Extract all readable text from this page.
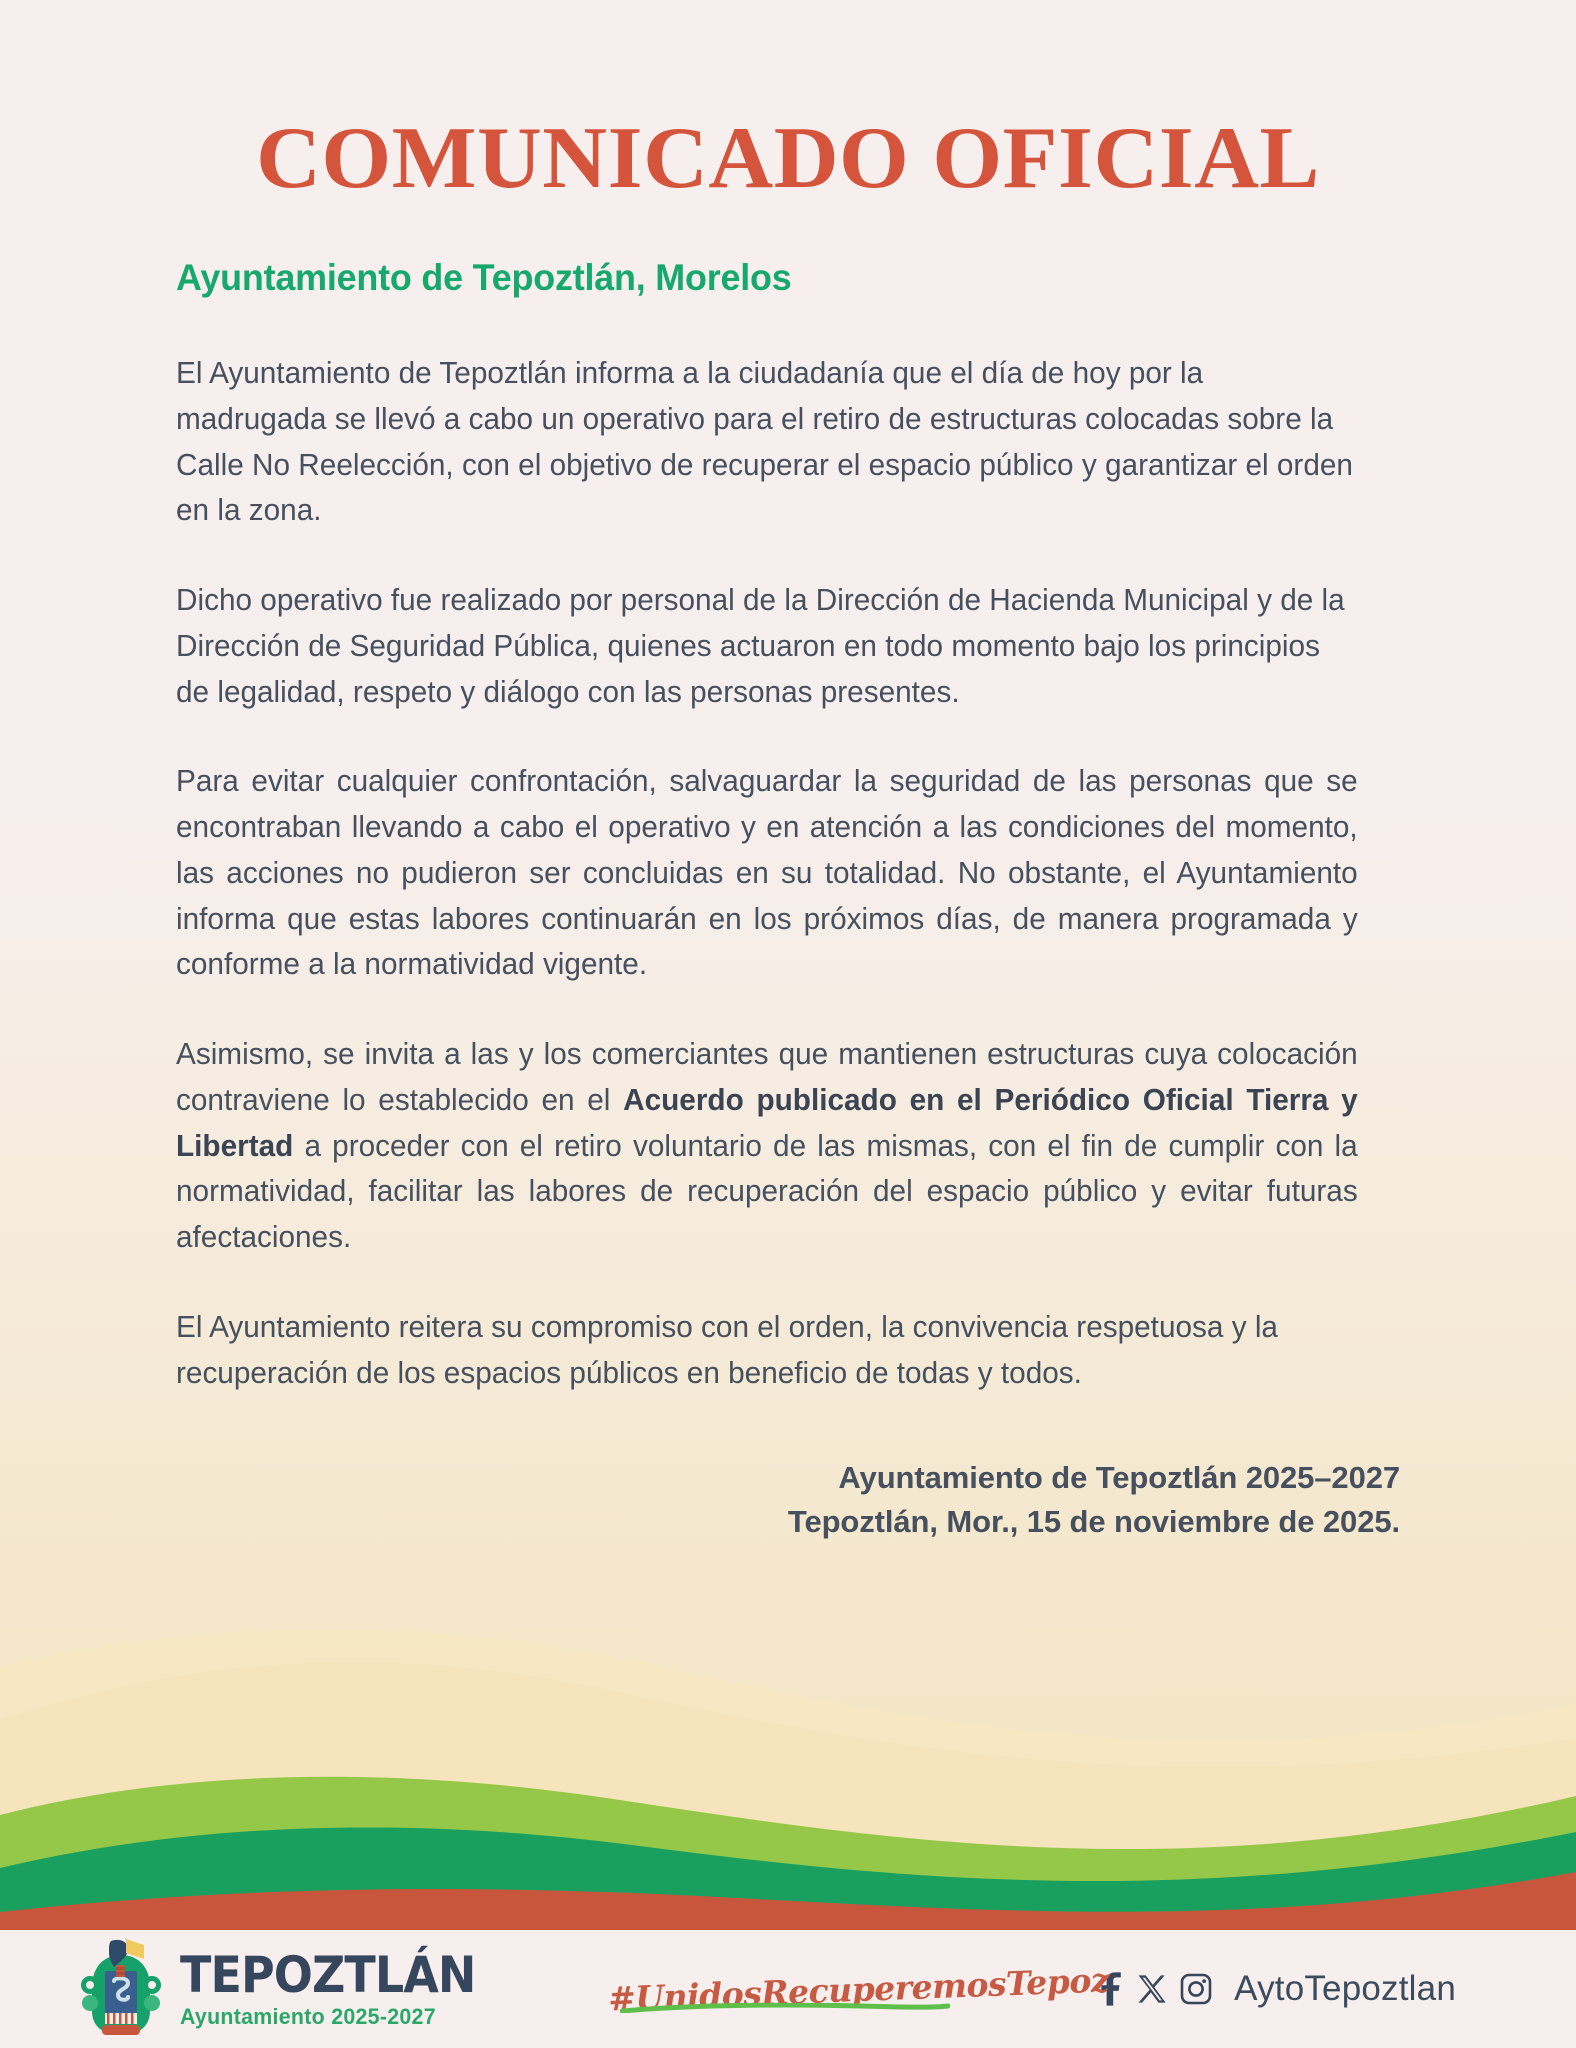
COMUNICADO OFICIAL
Ayuntamiento de Tepoztlán, Morelos

El Ayuntamiento de Tepoztlán informa a la ciudadanía que el día de hoy por la madrugada se llevó a cabo un operativo para el retiro de estructuras colocadas sobre la Calle No Reelección, con el objetivo de recuperar el espacio público y garantizar el orden en la zona.

Dicho operativo fue realizado por personal de la Dirección de Hacienda Municipal y de la Dirección de Seguridad Pública, quienes actuaron en todo momento bajo los principios de legalidad, respeto y diálogo con las personas presentes.

Para evitar cualquier confrontación, salvaguardar la seguridad de las personas que se encontraban llevando a cabo el operativo y en atención a las condiciones del momento, las acciones no pudieron ser concluidas en su totalidad. No obstante, el Ayuntamiento informa que estas labores continuarán en los próximos días, de manera programada y conforme a la normatividad vigente.

Asimismo, se invita a las y los comerciantes que mantienen estructuras cuya colocación contraviene lo establecido en el Acuerdo publicado en el Periódico Oficial Tierra y Libertad a proceder con el retiro voluntario de las mismas, con el fin de cumplir con la normatividad, facilitar las labores de recuperación del espacio público y evitar futuras afectaciones.

El Ayuntamiento reitera su compromiso con el orden, la convivencia respetuosa y la recuperación de los espacios públicos en beneficio de todas y todos.

Ayuntamiento de Tepoztlán 2025–2027
Tepoztlán, Mor., 15 de noviembre de 2025.
TEPOZTLÁN
Ayuntamiento 2025-2027	#UnidosRecuperemosTepoz	AytoTepoztlan
